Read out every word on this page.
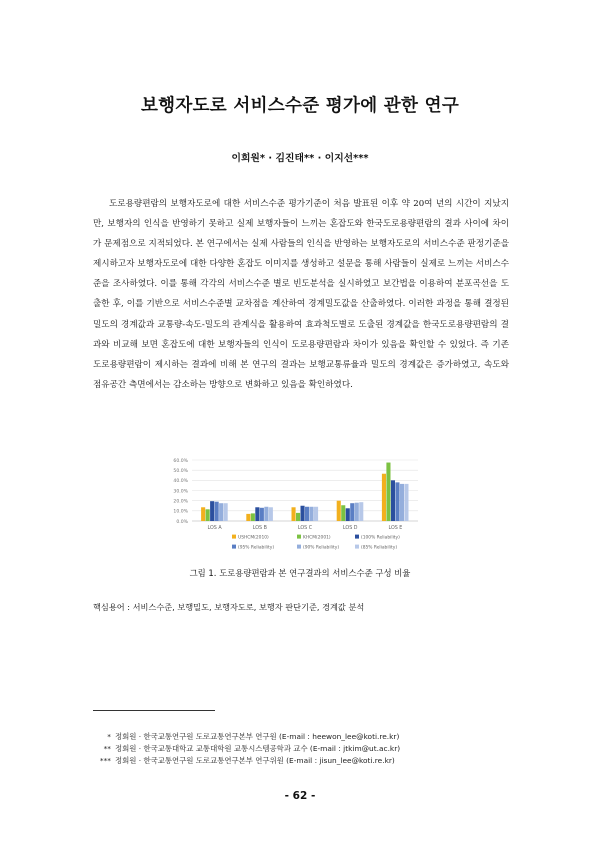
보행자도로 서비스수준 평가에 관한 연구
이희원* · 김진태** · 이지선***

도로용량편람의 보행자도로에 대한 서비스수준 평가기준이 처음 발표된 이후 약 20여 년의 시간이 지났지만, 보행자의 인식을 반영하기 못하고 실제 보행자들이 느끼는 혼잡도와 한국도로용량편람의 결과 사이에 차이가 문제점으로 지적되었다. 본 연구에서는 실제 사람들의 인식을 반영하는 보행자도로의 서비스수준 판정기준을 제시하고자 보행자도로에 대한 다양한 혼잡도 이미지를 생성하고 설문을 통해 사람들이 실제로 느끼는 서비스수준을 조사하였다. 이를 통해 각각의 서비스수준 별로 빈도분석을 실시하였고 보간법을 이용하여 분포곡선을 도출한 후, 이를 기반으로 서비스수준별 교차점을 계산하여 경계밀도값을 산출하였다. 이러한 과정을 통해 결정된 밀도의 경계값과 교통량-속도-밀도의 관계식을 활용하여 효과척도별로 도출된 경계값을 한국도로용량편람의 결과와 비교해 보면 혼잡도에 대한 보행자들의 인식이 도로용량편람과 차이가 있음을 확인할 수 있었다. 즉 기존 도로용량편람이 제시하는 결과에 비해 본 연구의 결과는 보행교통류율과 밀도의 경계값은 증가하였고, 속도와 점유공간 측면에서는 감소하는 방향으로 변화하고 있음을 확인하였다.

0.0%
10.0%
20.0%
30.0%
40.0%
50.0%
60.0%
LOS A	LOS B	LOS C	LOS D	LOS E
USHCM(2010)	KHCM(2001)	(100% Reliability)
(95% Reliability)	(90% Reliability)	(85% Reliability)
그림 1. 도로용량편람과 본 연구결과의 서비스수준 구성 비율
핵심용어 : 서비스수준, 보행밀도, 보행자도로, 보행자 판단기준, 경계값 분석
* 정회원 · 한국교통연구원 도로교통연구본부 연구원 (E-mail : heewon_lee@koti.re.kr)
** 정회원 · 한국교통대학교 교통대학원 교통시스템공학과 교수 (E-mail : jtkim@ut.ac.kr)
*** 정회원 · 한국교통연구원 도로교통연구본부 연구위원 (E-mail : jisun_lee@koti.re.kr)
- 62 -
